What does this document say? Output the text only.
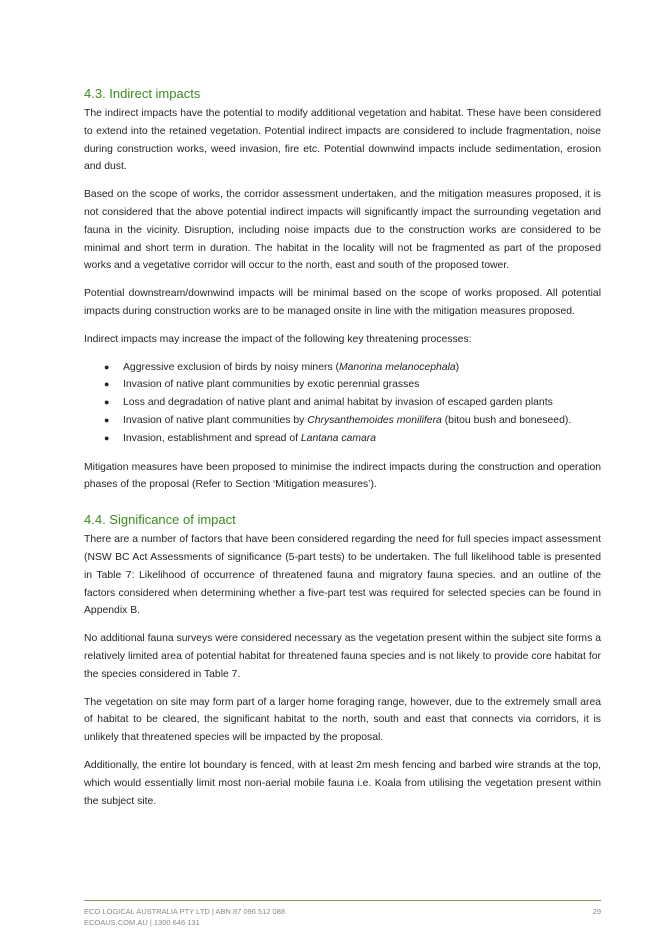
4.3. Indirect impacts

The indirect impacts have the potential to modify additional vegetation and habitat. These have been considered to extend into the retained vegetation. Potential indirect impacts are considered to include fragmentation, noise during construction works, weed invasion, fire etc. Potential downwind impacts include sedimentation, erosion and dust.

Based on the scope of works, the corridor assessment undertaken, and the mitigation measures proposed, it is not considered that the above potential indirect impacts will significantly impact the surrounding vegetation and fauna in the vicinity. Disruption, including noise impacts due to the construction works are considered to be minimal and short term in duration. The habitat in the locality will not be fragmented as part of the proposed works and a vegetative corridor will occur to the north, east and south of the proposed tower.

Potential downstream/downwind impacts will be minimal based on the scope of works proposed. All potential impacts during construction works are to be managed onsite in line with the mitigation measures proposed.

Indirect impacts may increase the impact of the following key threatening processes:

● Aggressive exclusion of birds by noisy miners (Manorina melanocephala)
● Invasion of native plant communities by exotic perennial grasses
● Loss and degradation of native plant and animal habitat by invasion of escaped garden plants
● Invasion of native plant communities by Chrysanthemoides monilifera (bitou bush and boneseed).
● Invasion, establishment and spread of Lantana camara

Mitigation measures have been proposed to minimise the indirect impacts during the construction and operation phases of the proposal (Refer to Section ‘Mitigation measures’).

4.4. Significance of impact

There are a number of factors that have been considered regarding the need for full species impact assessment (NSW BC Act Assessments of significance (5-part tests) to be undertaken. The full likelihood table is presented in Table 7: Likelihood of occurrence of threatened fauna and migratory fauna species. and an outline of the factors considered when determining whether a five-part test was required for selected species can be found in Appendix B.

No additional fauna surveys were considered necessary as the vegetation present within the subject site forms a relatively limited area of potential habitat for threatened fauna species and is not likely to provide core habitat for the species considered in Table 7.

The vegetation on site may form part of a larger home foraging range, however, due to the extremely small area of habitat to be cleared, the significant habitat to the north, south and east that connects via corridors, it is unlikely that threatened species will be impacted by the proposal.

Additionally, the entire lot boundary is fenced, with at least 2m mesh fencing and barbed wire strands at the top, which would essentially limit most non-aerial mobile fauna i.e. Koala from utilising the vegetation present within the subject site.

ECO LOGICAL AUSTRALIA PTY LTD | ABN 87 096 512 088
ECOAUS.COM.AU | 1300 646 131
29
